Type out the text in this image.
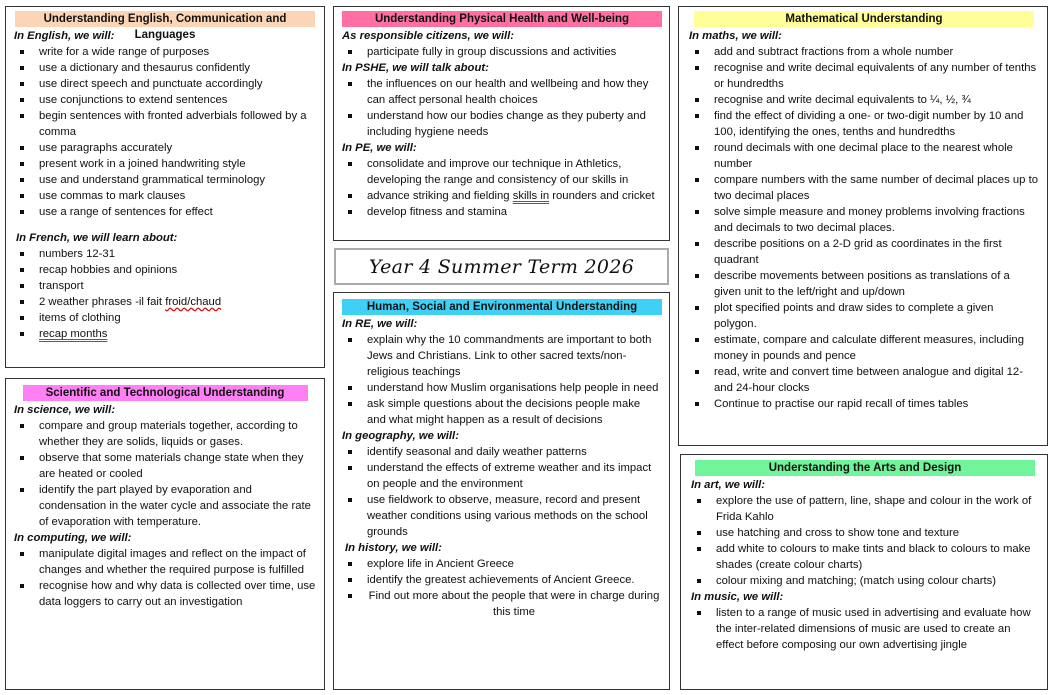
Understanding English, Communication and Languages
In English, we will:
write for a wide range of purposes
use a dictionary and thesaurus confidently
use direct speech and punctuate accordingly
use conjunctions to extend sentences
begin sentences with fronted adverbials followed by a comma
use paragraphs accurately
present work in a joined handwriting style
use and understand grammatical terminology
use commas to mark clauses
use a range of sentences for effect
In French, we will learn about:
numbers 12-31
recap hobbies and opinions
transport
2 weather phrases -il fait froid/chaud
items of clothing
recap months
Understanding Physical Health and Well-being
As responsible citizens, we will:
participate fully in group discussions and activities
In PSHE, we will talk about:
the influences on our health and wellbeing and how they can affect personal health choices
understand how our bodies change as they puberty and including hygiene needs
In PE, we will:
consolidate and improve our technique in Athletics, developing the range and consistency of our skills in
advance striking and fielding skills in rounders and cricket
develop fitness and stamina
Year 4 Summer Term 2026
Mathematical Understanding
In maths, we will:
add and subtract fractions from a whole number
recognise and write decimal equivalents of any number of tenths or hundredths
recognise and write decimal equivalents to ¼, ½, ¾
find the effect of dividing a one- or two-digit number by 10 and 100, identifying the ones, tenths and hundredths
round decimals with one decimal place to the nearest whole number
compare numbers with the same number of decimal places up to two decimal places
solve simple measure and money problems involving fractions and decimals to two decimal places.
describe positions on a 2-D grid as coordinates in the first quadrant
describe movements between positions as translations of a given unit to the left/right and up/down
plot specified points and draw sides to complete a given polygon.
estimate, compare and calculate different measures, including money in pounds and pence
read, write and convert time between analogue and digital 12- and 24-hour clocks
Continue to practise our rapid recall of times tables
Scientific and Technological Understanding
In science, we will:
compare and group materials together, according to whether they are solids, liquids or gases.
observe that some materials change state when they are heated or cooled
identify the part played by evaporation and condensation in the water cycle and associate the rate of evaporation with temperature.
In computing, we will:
manipulate digital images and reflect on the impact of changes and whether the required purpose is fulfilled
recognise how and why data is collected over time, use data loggers to carry out an investigation
Human, Social and Environmental Understanding
In RE, we will:
explain why the 10 commandments are important to both Jews and Christians. Link to other sacred texts/non-religious teachings
understand how Muslim organisations help people in need
ask simple questions about the decisions people make and what might happen as a result of decisions
In geography, we will:
identify seasonal and daily weather patterns
understand the effects of extreme weather and its impact on people and the environment
use fieldwork to observe, measure, record and present weather conditions using various methods on the school grounds
In history, we will:
explore life in Ancient Greece
identify the greatest achievements of Ancient Greece.
Find out more about the people that were in charge during this time
Understanding the Arts and Design
In art, we will:
explore the use of pattern, line, shape and colour in the work of Frida Kahlo
use hatching and cross to show tone and texture
add white to colours to make tints and black to colours to make shades (create colour charts)
colour mixing and matching; (match using colour charts)
In music, we will:
listen to a range of music used in advertising and evaluate how the inter-related dimensions of music are used to create an effect before composing our own advertising jingle
